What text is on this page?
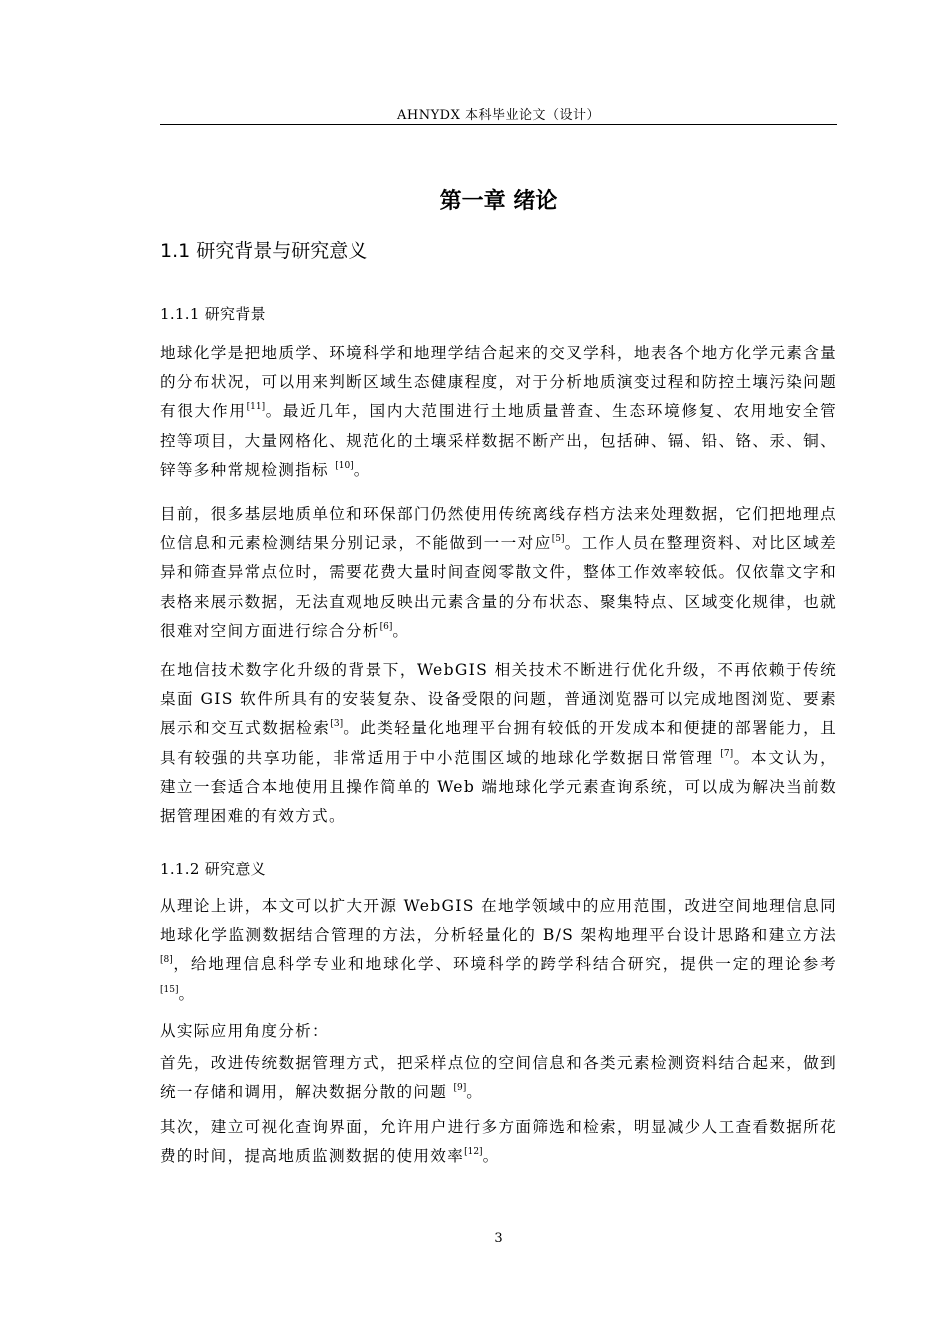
AHNYDX 本科毕业论文（设计）
第一章 绪论
1.1 研究背景与研究意义
1.1.1 研究背景

地球化学是把地质学、环境科学和地理学结合起来的交叉学科，地表各个地方化学元素含量的分布状况，可以用来判断区域生态健康程度，对于分析地质演变过程和防控土壤污染问题有很大作用[11]。最近几年，国内大范围进行土地质量普查、生态环境修复、农用地安全管控等项目，大量网格化、规范化的土壤采样数据不断产出，包括砷、镉、铅、铬、汞、铜、锌等多种常规检测指标 [10]。

目前，很多基层地质单位和环保部门仍然使用传统离线存档方法来处理数据，它们把地理点位信息和元素检测结果分别记录，不能做到一一对应[5]。工作人员在整理资料、对比区域差异和筛查异常点位时，需要花费大量时间查阅零散文件，整体工作效率较低。仅依靠文字和表格来展示数据，无法直观地反映出元素含量的分布状态、聚集特点、区域变化规律，也就很难对空间方面进行综合分析[6]。

在地信技术数字化升级的背景下，WebGIS 相关技术不断进行优化升级，不再依赖于传统桌面 GIS 软件所具有的安装复杂、设备受限的问题，普通浏览器可以完成地图浏览、要素展示和交互式数据检索[3]。此类轻量化地理平台拥有较低的开发成本和便捷的部署能力，且具有较强的共享功能，非常适用于中小范围区域的地球化学数据日常管理 [7]。本文认为，建立一套适合本地使用且操作简单的 Web 端地球化学元素查询系统，可以成为解决当前数据管理困难的有效方式。

1.1.2 研究意义

从理论上讲，本文可以扩大开源 WebGIS 在地学领域中的应用范围，改进空间地理信息同地球化学监测数据结合管理的方法，分析轻量化的 B/S 架构地理平台设计思路和建立方法[8]，给地理信息科学专业和地球化学、环境科学的跨学科结合研究，提供一定的理论参考[15]。

从实际应用角度分析：

首先，改进传统数据管理方式，把采样点位的空间信息和各类元素检测资料结合起来，做到统一存储和调用，解决数据分散的问题 [9]。

其次，建立可视化查询界面，允许用户进行多方面筛选和检索，明显减少人工查看数据所花费的时间，提高地质监测数据的使用效率[12]。

3
